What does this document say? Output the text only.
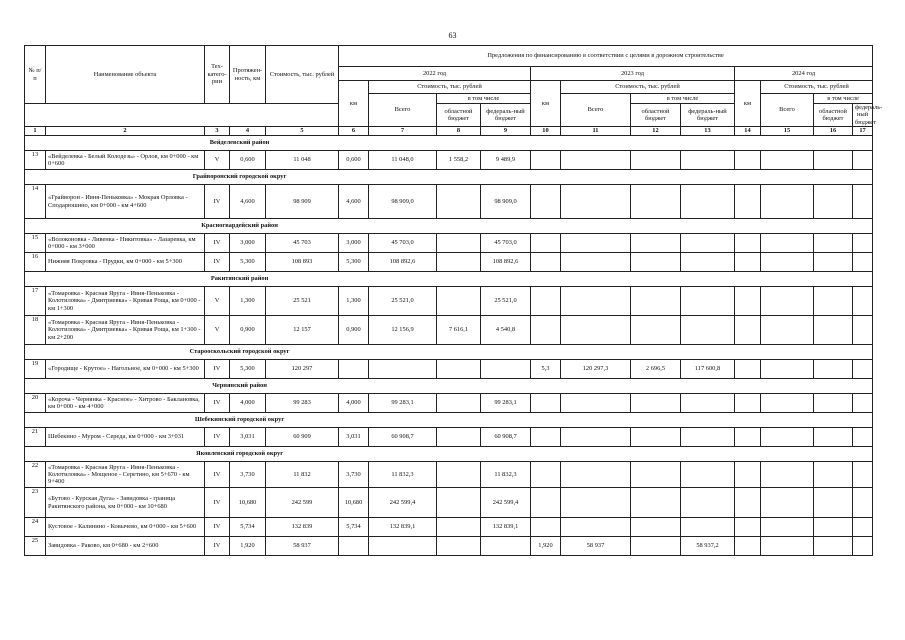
63
№ п/п	Наименование объекта	Тех-катего-рии	Протяжен-ность, км	Стоимость, тыс. рублей	Предложения по финансированию в соответствии с целями в дорожном строительстве											
					2022 год				2023 год				2024 год			
					км	Стоимость, тыс. рублей			км	Стоимость, тыс. рублей			км	Стоимость, тыс. рублей		
						Всего	в том числе			Всего	в том числе			Всего	в том числе	
							областной бюджет	федераль-ный бюджет			областной бюджет	федераль-ный бюджет			областной бюджет	федераль-ный бюджет
1	2	3	4	5	6	7	8	9	10	11	12	13	14	15	16	17
Вейделевский район																
13	«Вейделевка - Белый Колодезь» - Орлов, км 0+000 - км 0+600	V	0,600	11 048	0,600	11 048,0	1 558,2	9 489,9								
Грайворонский городской округ																
14	«Грайворон - Ивня-Пеньковка» - Мокрая Орловка - Сподарюшино, км 0+000 - км 4+600	IV	4,600	98 909	4,600	98 909,0		98 909,0								
Красногвардейский район																
15	«Волоконовка - Ливенка - Никитовка» - Лазаревка, км 0+000 - км 3+000	IV	3,000	45 703	3,000	45 703,0		45 703,0								
16	Нижняя Покровка - Прудки, км 0+000 - км 5+300	IV	5,300	108 893	5,300	108 892,6		108 892,6								
Ракитянский район																
17	«Томаровка - Красная Яруга - Ивня-Пеньковка - Колотиловка» - Дмитриевка» - Кривая Роща, км 0+000 - км 1+300	V	1,300	25 521	1,300	25 521,0		25 521,0								
18	«Томаровка - Красная Яруга - Ивня-Пеньковка - Колотиловка» - Дмитриевка» - Кривая Роща, км 1+300 - км 2+200	V	0,900	12 157	0,900	12 156,9	7 616,1	4 540,8								
Старооскольский городской округ																
19	«Городище - Крутое» - Нагольное, км 0+000 - км 5+300	IV	5,300	120 297					5,3	120 297,3	2 696,5	117 600,8				
Чернянский район																
20	«Короча - Чернянка - Красное» - Хитрово - Баклановка, км 0+000 - км 4+000	IV	4,000	99 283	4,000	99 283,1		99 283,1								
Шебекинский городской округ																
21	Шебекино - Муром - Середа, км 0+000 - км 3+031	IV	3,031	60 909	3,031	60 908,7		60 908,7								
Яковлевский городской округ																
22	«Томаровка - Красная Яруга - Ивня-Пеньковка - Колотиловка» - Мощеное - Серетино, км 5+670 - км 9+400	IV	3,730	11 832	3,730	11 832,3		11 832,3								
23	«Бутово - Курская Дуга» - Завидовка - граница Ракитянского района, км 0+000 - км 10+680	IV	10,680	242 599	10,680	242 599,4		242 599,4								
24	Кустовое - Калинино - Ковычево, км 0+000 - км 5+600	IV	5,734	132 839	5,734	132 839,1		132 839,1								
25	Завидовка - Раково, км 0+680 - км 2+600	IV	1,920	58 937					1,920	58 937		58 937,2				
